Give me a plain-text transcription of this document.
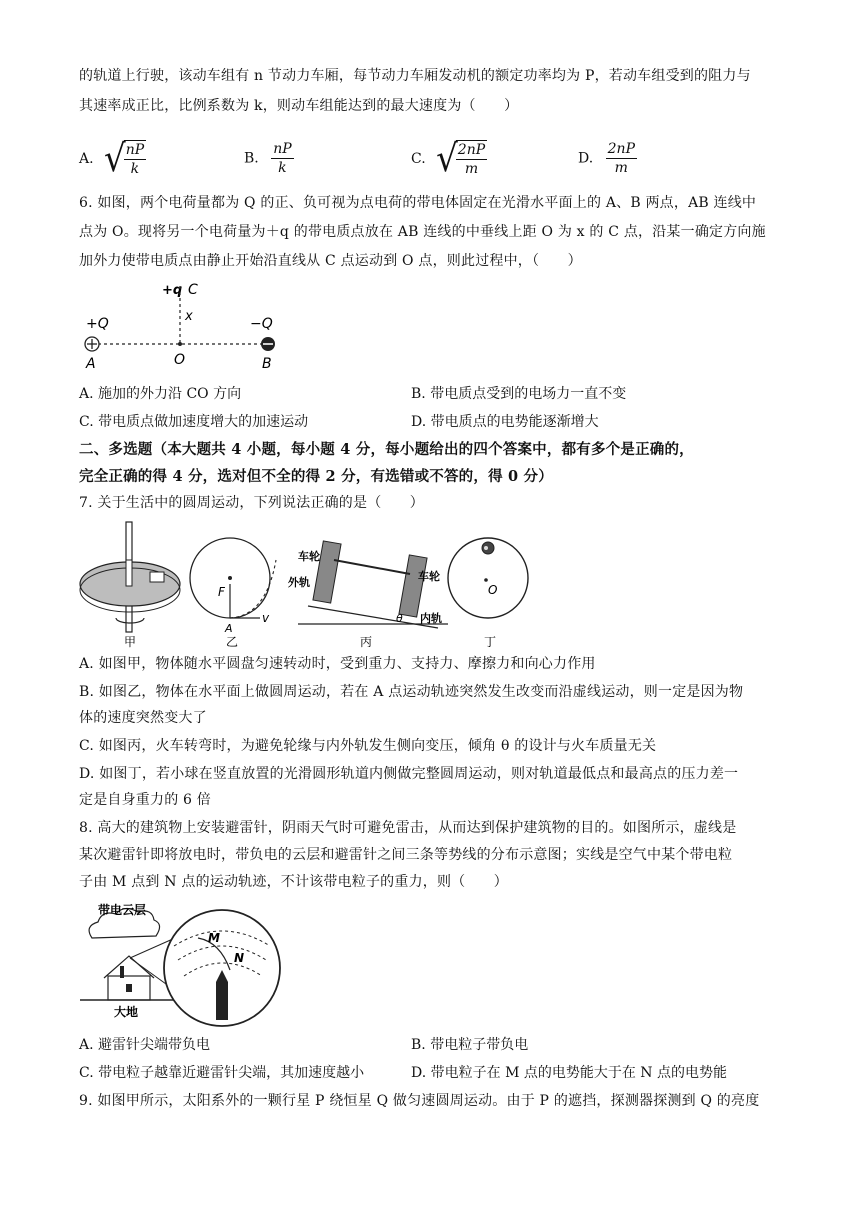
的轨道上行驶，该动车组有 n 节动力车厢，每节动力车厢发动机的额定功率均为 P，若动车组受到的阻力与
其速率成正比，比例系数为 k，则动车组能达到的最大速度为（　　）
A. √
$\frac{nP}{k}$	B. $\frac{nP}{k}$	C. √
$\frac{2nP}{m}$	D. $\frac{2nP}{m}$
6. 如图，两个电荷量都为 Q 的正、负可视为点电荷的带电体固定在光滑水平面上的 A、B 两点，AB 连线中
点为 O。现将另一个电荷量为＋q 的带电质点放在 AB 连线的中垂线上距 O 为 x 的 C 点，沿某一确定方向施
加外力使带电质点由静止开始沿直线从 C 点运动到 O 点，则此过程中，（　　）
+q C
x
+Q	−Q
A	O	B
A. 施加的外力沿 CO 方向	B. 带电质点受到的电场力一直不变
C. 带电质点做加速度增大的加速运动	D. 带电质点的电势能逐渐增大
二、多选题（本大题共 4 小题，每小题 4 分，每小题给出的四个答案中，都有多个是正确的，
完全正确的得 4 分，选对但不全的得 2 分，有选错或不答的，得 0 分）
7. 关于生活中的圆周运动，下列说法正确的是（　　）
甲
F
A
v
乙
车轮
外轨	车轮
内轨
θ
丙
O
丁
A. 如图甲，物体随水平圆盘匀速转动时，受到重力、支持力、摩擦力和向心力作用
B. 如图乙，物体在水平面上做圆周运动，若在 A 点运动轨迹突然发生改变而沿虚线运动，则一定是因为物
体的速度突然变大了
C. 如图丙，火车转弯时，为避免轮缘与内外轨发生侧向变压，倾角 θ 的设计与火车质量无关
D. 如图丁，若小球在竖直放置的光滑圆形轨道内侧做完整圆周运动，则对轨道最低点和最高点的压力差一
定是自身重力的 6 倍
8. 高大的建筑物上安装避雷针，阴雨天气时可避免雷击，从而达到保护建筑物的目的。如图所示，虚线是
某次避雷针即将放电时，带负电的云层和避雷针之间三条等势线的分布示意图；实线是空气中某个带电粒
子由 M 点到 N 点的运动轨迹，不计该带电粒子的重力，则（　　）
带电云层
大地
M
N
A. 避雷针尖端带负电	B. 带电粒子带负电
C. 带电粒子越靠近避雷针尖端，其加速度越小	D. 带电粒子在 M 点的电势能大于在 N 点的电势能
9. 如图甲所示，太阳系外的一颗行星 P 绕恒星 Q 做匀速圆周运动。由于 P 的遮挡，探测器探测到 Q 的亮度
